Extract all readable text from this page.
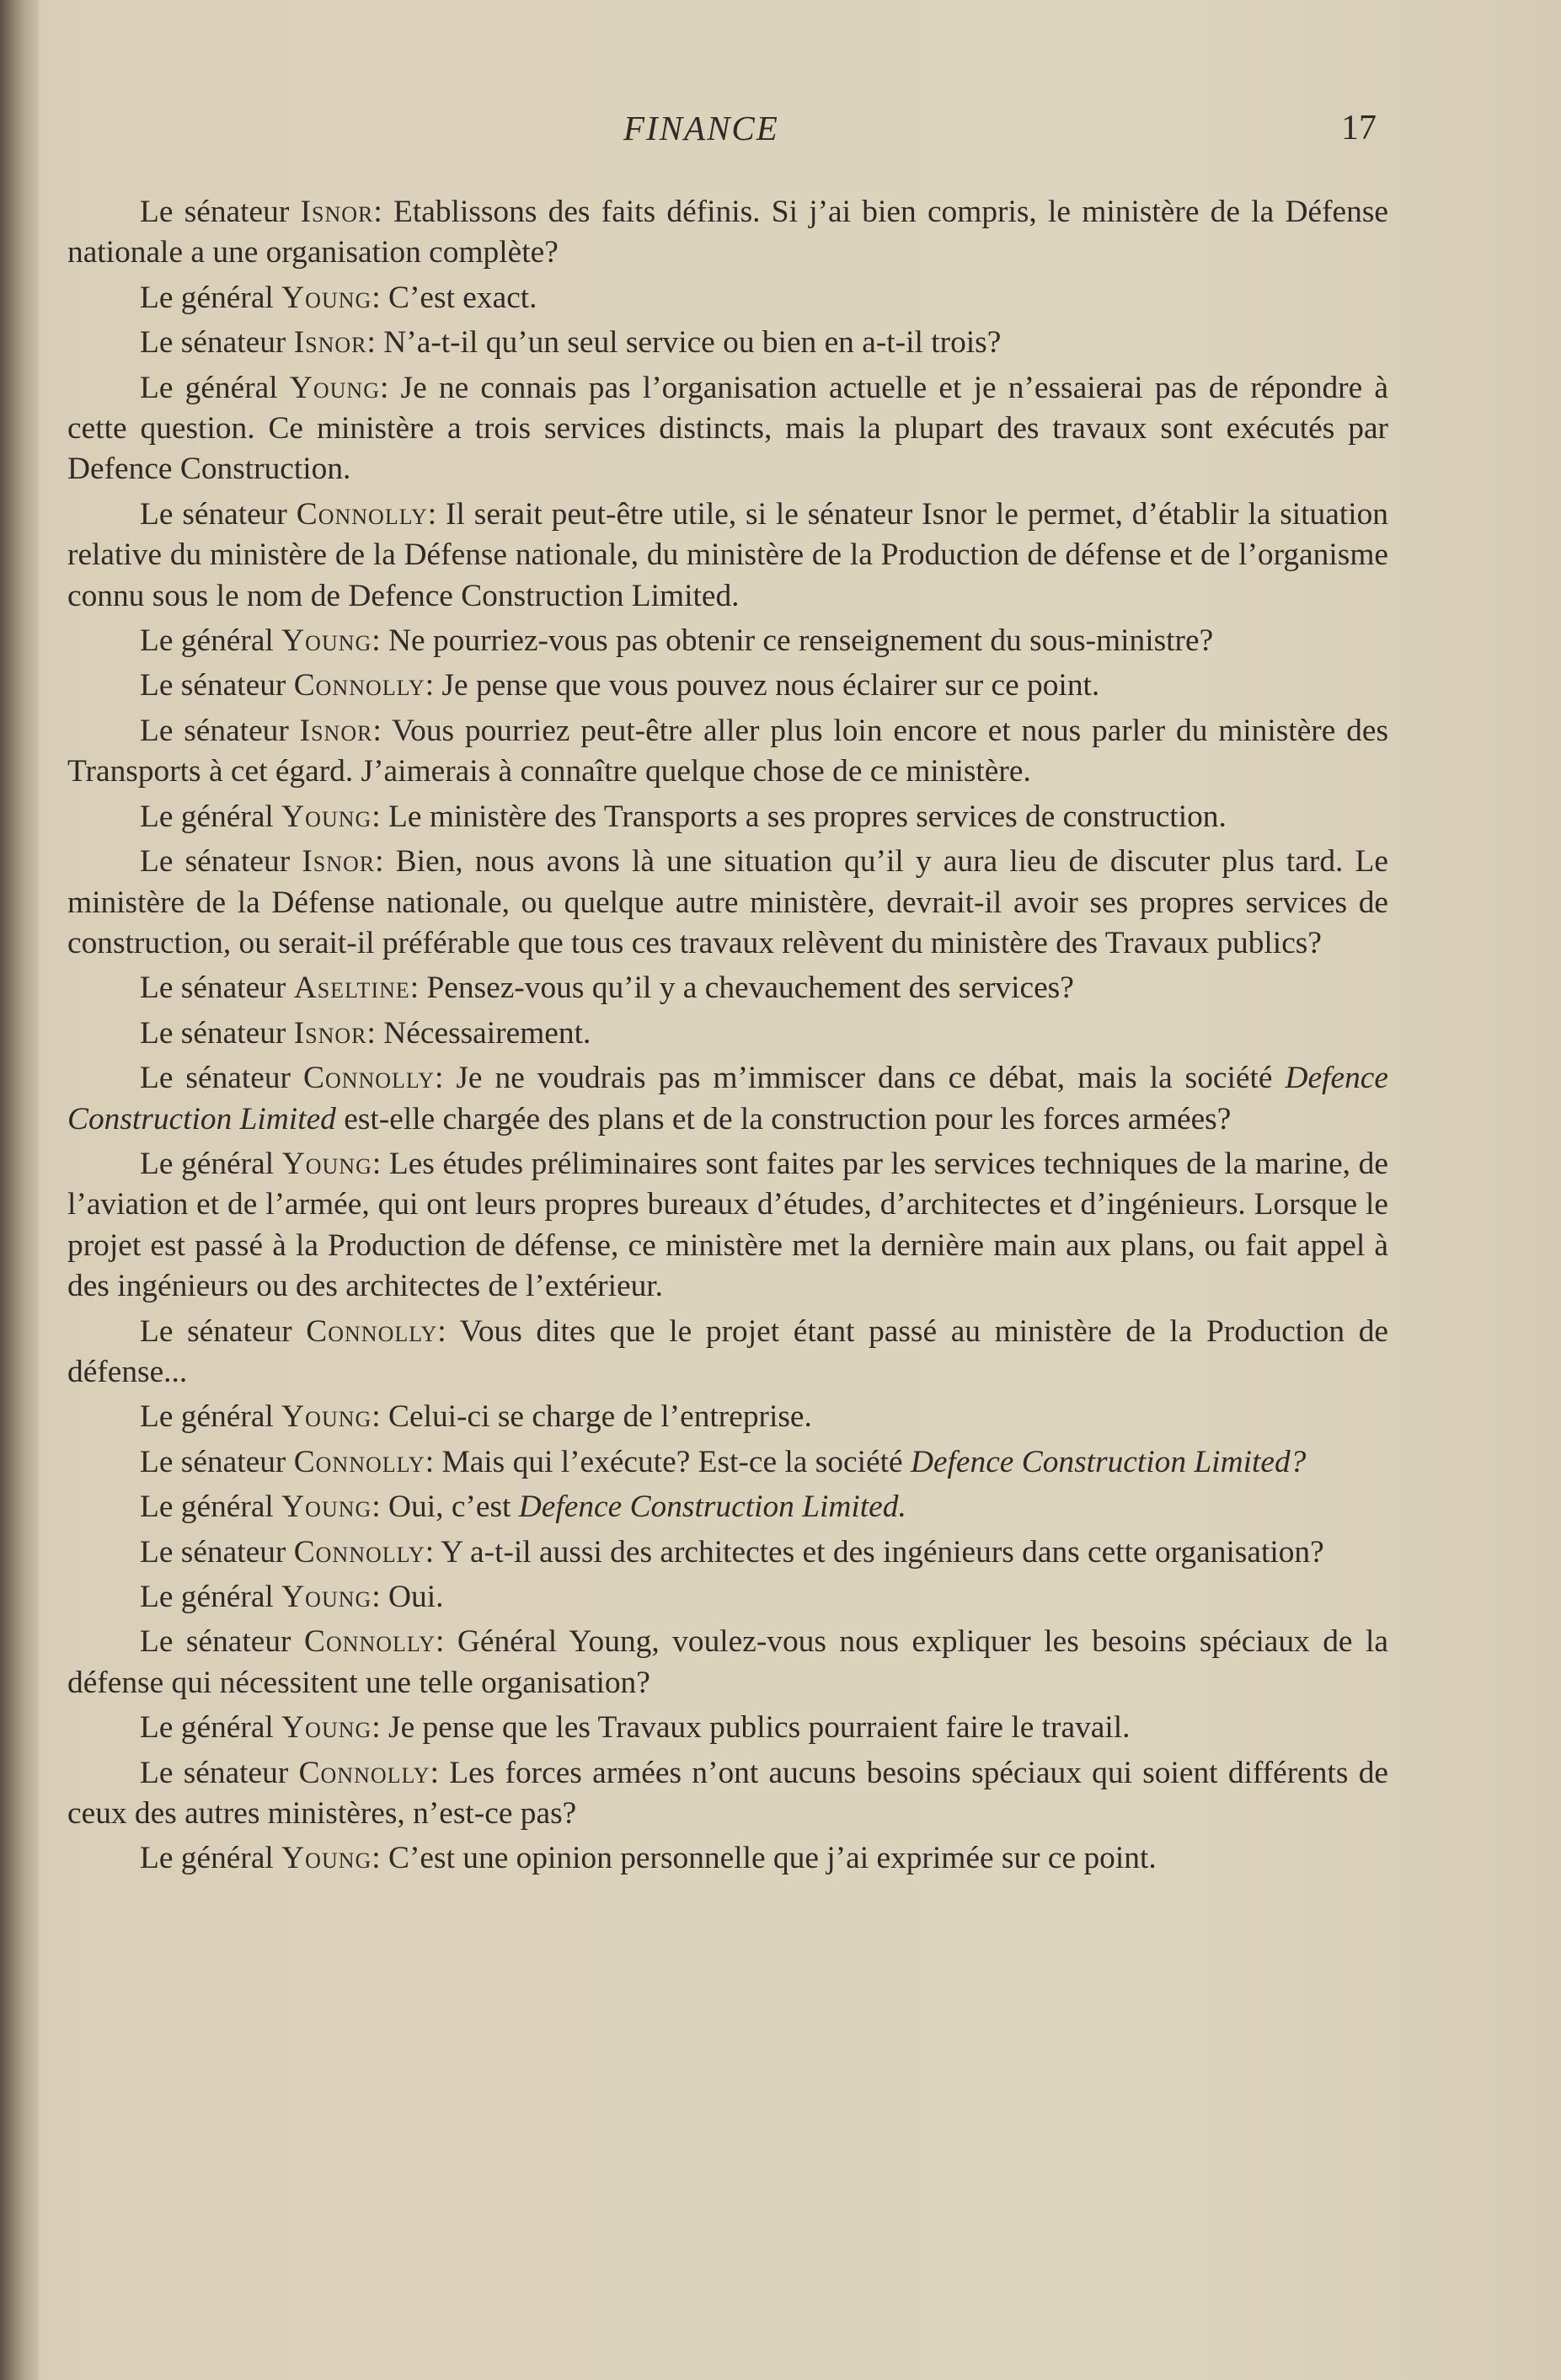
FINANCE	17

Le sénateur Isnor: Etablissons des faits définis. Si j’ai bien compris, le ministère de la Défense nationale a une organisation complète?

Le général Young: C’est exact.

Le sénateur Isnor: N’a-t-il qu’un seul service ou bien en a-t-il trois?

Le général Young: Je ne connais pas l’organisation actuelle et je n’essaierai pas de répondre à cette question. Ce ministère a trois services distincts, mais la plupart des travaux sont exécutés par Defence Construction.

Le sénateur Connolly: Il serait peut-être utile, si le sénateur Isnor le permet, d’établir la situation relative du ministère de la Défense nationale, du ministère de la Production de défense et de l’organisme connu sous le nom de Defence Construction Limited.

Le général Young: Ne pourriez-vous pas obtenir ce renseignement du sous-ministre?

Le sénateur Connolly: Je pense que vous pouvez nous éclairer sur ce point.

Le sénateur Isnor: Vous pourriez peut-être aller plus loin encore et nous parler du ministère des Transports à cet égard. J’aimerais à connaître quelque chose de ce ministère.

Le général Young: Le ministère des Transports a ses propres services de construction.

Le sénateur Isnor: Bien, nous avons là une situation qu’il y aura lieu de discuter plus tard. Le ministère de la Défense nationale, ou quelque autre ministère, devrait-il avoir ses propres services de construction, ou serait-il préférable que tous ces travaux relèvent du ministère des Travaux publics?

Le sénateur Aseltine: Pensez-vous qu’il y a chevauchement des services?

Le sénateur Isnor: Nécessairement.

Le sénateur Connolly: Je ne voudrais pas m’immiscer dans ce débat, mais la société Defence Construction Limited est-elle chargée des plans et de la construction pour les forces armées?

Le général Young: Les études préliminaires sont faites par les services techniques de la marine, de l’aviation et de l’armée, qui ont leurs propres bureaux d’études, d’architectes et d’ingénieurs. Lorsque le projet est passé à la Production de défense, ce ministère met la dernière main aux plans, ou fait appel à des ingénieurs ou des architectes de l’extérieur.

Le sénateur Connolly: Vous dites que le projet étant passé au ministère de la Production de défense...

Le général Young: Celui-ci se charge de l’entreprise.

Le sénateur Connolly: Mais qui l’exécute? Est-ce la société Defence Construction Limited?

Le général Young: Oui, c’est Defence Construction Limited.

Le sénateur Connolly: Y a-t-il aussi des architectes et des ingénieurs dans cette organisation?

Le général Young: Oui.

Le sénateur Connolly: Général Young, voulez-vous nous expliquer les besoins spéciaux de la défense qui nécessitent une telle organisation?

Le général Young: Je pense que les Travaux publics pourraient faire le travail.

Le sénateur Connolly: Les forces armées n’ont aucuns besoins spéciaux qui soient différents de ceux des autres ministères, n’est-ce pas?

Le général Young: C’est une opinion personnelle que j’ai exprimée sur ce point.
